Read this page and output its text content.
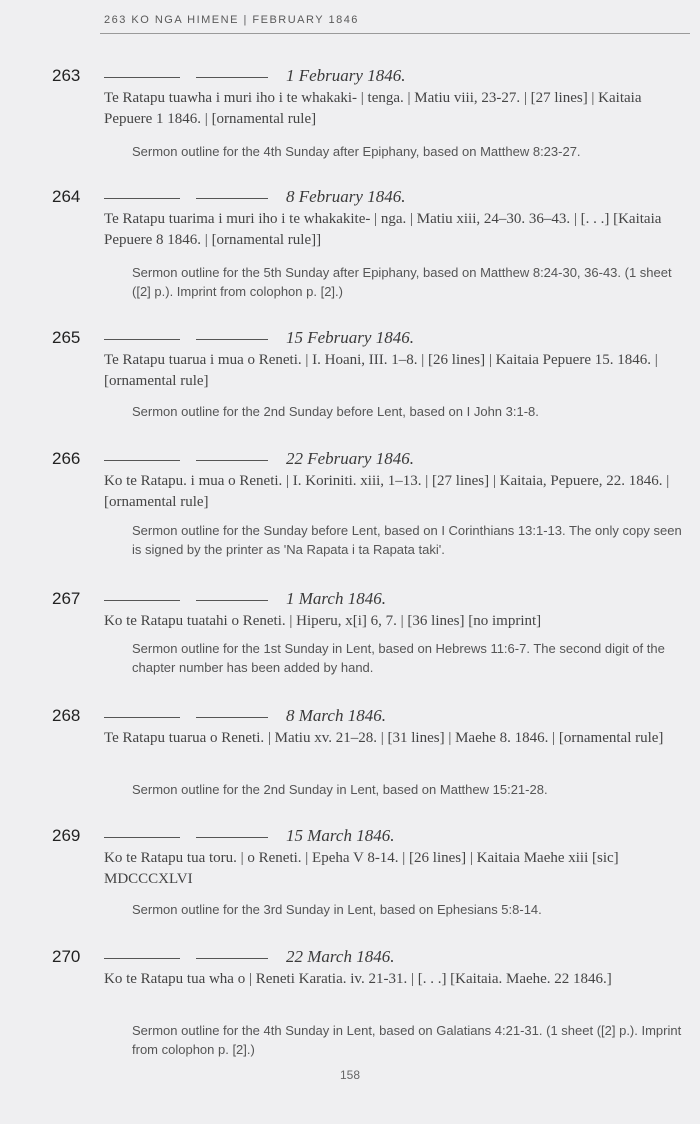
263 KO NGA HIMENE | FEBRUARY 1846
263	1 February 1846.
Te Ratapu tuawha i muri iho i te whakaki- | tenga. | Matiu viii, 23-27. | [27 lines] | Kaitaia Pepuere 1 1846. | [ornamental rule]
Sermon outline for the 4th Sunday after Epiphany, based on Matthew 8:23-27.
264	8 February 1846.
Te Ratapu tuarima i muri iho i te whakakite- | nga. | Matiu xiii, 24–30. 36–43. | [. . .] [Kaitaia Pepuere 8 1846. | [ornamental rule]]
Sermon outline for the 5th Sunday after Epiphany, based on Matthew 8:24-30, 36-43. (1 sheet ([2] p.). Imprint from colophon p. [2].)
265	15 February 1846.
Te Ratapu tuarua i mua o Reneti. | I. Hoani, III. 1–8. | [26 lines] | Kaitaia Pepuere 15. 1846. | [ornamental rule]
Sermon outline for the 2nd Sunday before Lent, based on I John 3:1-8.
266	22 February 1846.
Ko te Ratapu. i mua o Reneti. | I. Koriniti. xiii, 1–13. | [27 lines] | Kaitaia, Pepuere, 22. 1846. | [ornamental rule]
Sermon outline for the Sunday before Lent, based on I Corinthians 13:1-13. The only copy seen is signed by the printer as 'Na Rapata i ta Rapata taki'.
267	1 March 1846.
Ko te Ratapu tuatahi o Reneti. | Hiperu, x[i] 6, 7. | [36 lines] [no imprint]
Sermon outline for the 1st Sunday in Lent, based on Hebrews 11:6-7. The second digit of the chapter number has been added by hand.
268	8 March 1846.
Te Ratapu tuarua o Reneti. | Matiu xv. 21–28. | [31 lines] | Maehe 8. 1846. | [ornamental rule]
Sermon outline for the 2nd Sunday in Lent, based on Matthew 15:21-28.
269	15 March 1846.
Ko te Ratapu tua toru. | o Reneti. | Epeha V 8-14. | [26 lines] | Kaitaia Maehe xiii [sic] MDCCCXLVI
Sermon outline for the 3rd Sunday in Lent, based on Ephesians 5:8-14.
270	22 March 1846.
Ko te Ratapu tua wha o | Reneti Karatia. iv. 21-31. | [. . .] [Kaitaia. Maehe. 22 1846.]
Sermon outline for the 4th Sunday in Lent, based on Galatians 4:21-31. (1 sheet ([2] p.). Imprint from colophon p. [2].)
158
